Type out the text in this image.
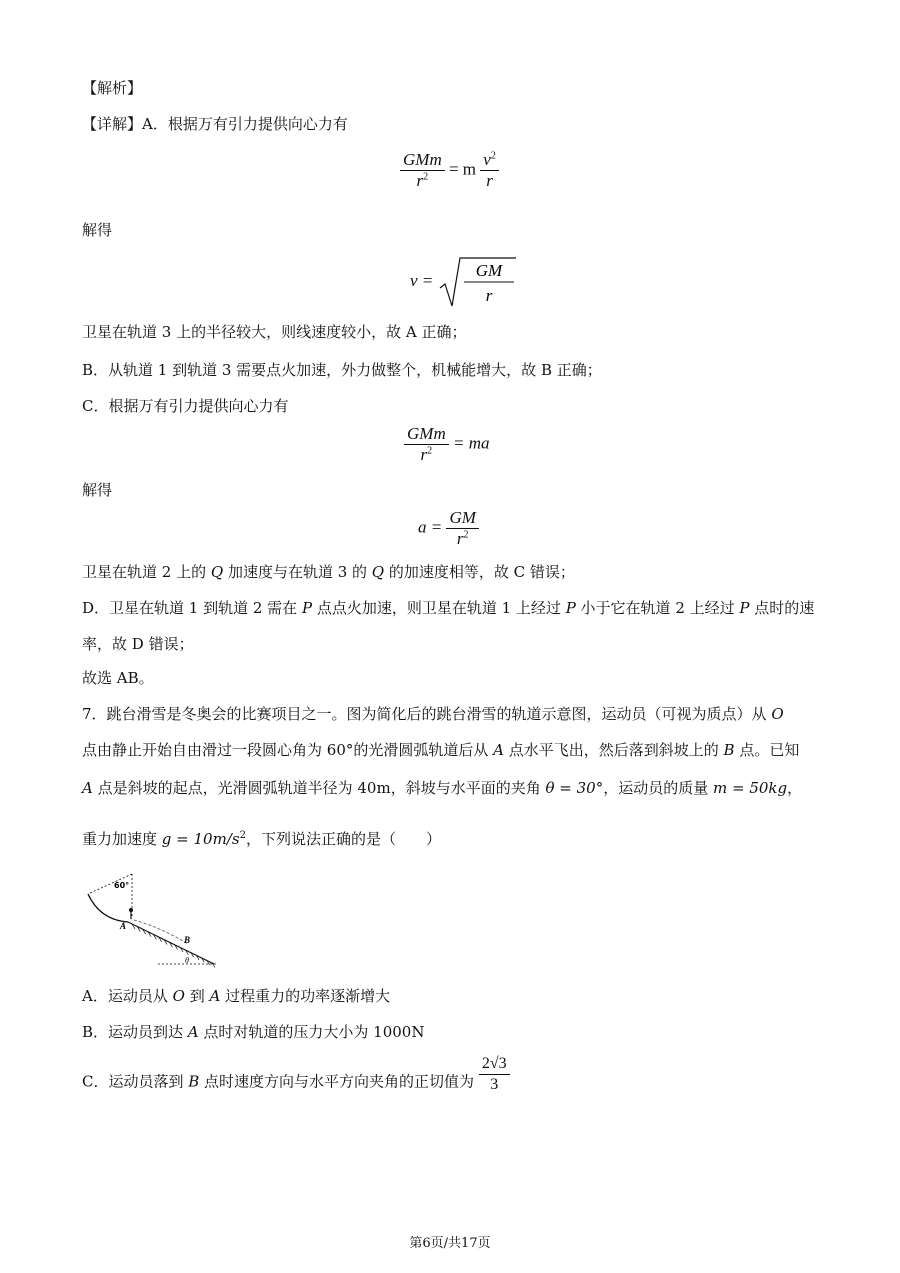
【解析】
【详解】A．根据万有引力提供向心力有
$\frac{\text{GMm}}{r^2} = m \frac{v^2}{r}$
解得
v =
GM
r
卫星在轨道 3 上的半径较大，则线速度较小，故 A 正确；
B．从轨道 1 到轨道 3 需要点火加速，外力做整个，机械能增大，故 B 正确；
C．根据万有引力提供向心力有
$\frac{\text{GMm}}{r^2}$ = ma
解得
$a = \frac{GM}{r^2}$
卫星在轨道 2 上的 Q 加速度与在轨道 3 的 Q 的加速度相等，故 C 错误；
D．卫星在轨道 1 到轨道 2 需在 P 点点火加速，则卫星在轨道 1 上经过 P 小于它在轨道 2 上经过 P 点时的速
率，故 D 错误；
故选 AB。
7．跳台滑雪是冬奥会的比赛项目之一。图为简化后的跳台滑雪的轨道示意图，运动员（可视为质点）从 O
点由静止开始自由滑过一段圆心角为 60°的光滑圆弧轨道后从 A 点水平飞出，然后落到斜坡上的 B 点。已知
A 点是斜坡的起点，光滑圆弧轨道半径为 40m，斜坡与水平面的夹角 θ = 30°，运动员的质量 m = 50kg，
重力加速度 $g = 10m/s^2$，下列说法正确的是（　　）
60°
A
B
θ
A．运动员从 O 到 A 过程重力的功率逐渐增大
B．运动员到达 A 点时对轨道的压力大小为 1000N
C．运动员落到 B 点时速度方向与水平方向夹角的正切值为 $\frac{2√3}{3}$
第6页/共17页
